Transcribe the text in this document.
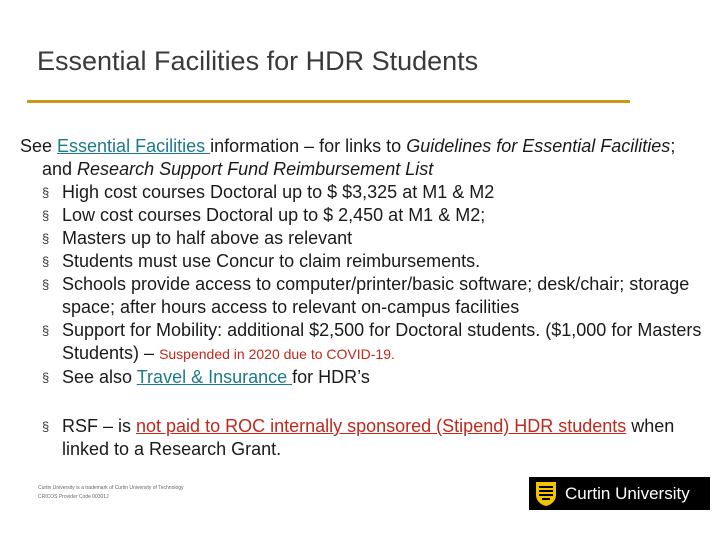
Essential Facilities for HDR Students
See Essential Facilities information – for links to Guidelines for Essential Facilities; and Research Support Fund Reimbursement List
§ High cost courses Doctoral up to $ $3,325 at M1 & M2
§ Low cost courses Doctoral up to $ 2,450 at M1 & M2;
§ Masters up to half above as relevant
§ Students must use Concur to claim reimbursements.
§ Schools provide access to computer/printer/basic software; desk/chair; storage space; after hours access to relevant on-campus facilities
§ Support for Mobility: additional $2,500 for Doctoral students. ($1,000 for Masters Students) – Suspended in 2020 due to COVID-19.
§ See also Travel & Insurance for HDR’s
§ RSF – is not paid to ROC internally sponsored (Stipend) HDR students when linked to a Research Grant.
Curtin University is a trademark of Curtin University of Technology
CRICOS Provider Code 00301J	Curtin University
